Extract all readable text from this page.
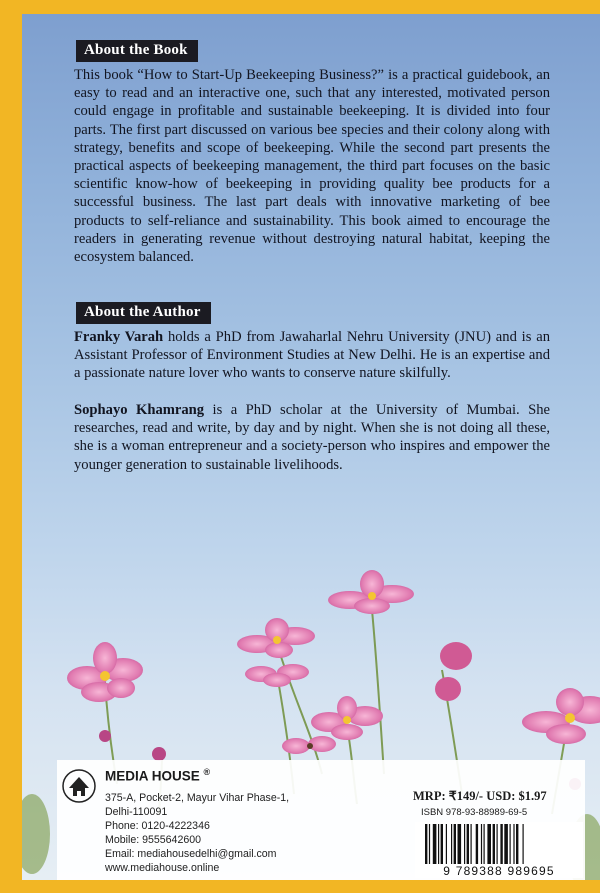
About the Book

This book “How to Start-Up Beekeeping Business?” is a practical guidebook, an easy to read and an interactive one, such that any interested, motivated person could engage in profitable and sustainable beekeeping. It is divided into four parts. The first part discussed on various bee species and their colony along with strategy, benefits and scope of beekeeping. While the second part presents the practical aspects of beekeeping management, the third part focuses on the basic scientific know-how of beekeeping in providing quality bee products for a successful business. The last part deals with innovative marketing of bee products to self-reliance and sustainability. This book aimed to encourage the readers in generating revenue without destroying natural habitat, keeping the ecosystem balanced.

About the Author

Franky Varah holds a PhD from Jawaharlal Nehru University (JNU) and is an Assistant Professor of Environment Studies at New Delhi. He is an expertise and a passionate nature lover who wants to conserve nature skilfully.

Sophayo Khamrang is a PhD scholar at the University of Mumbai. She researches, read and write, by day and by night. When she is not doing all these, she is a woman entrepreneur and a society-person who inspires and empower the younger generation to sustainable livelihoods.

MEDIA HOUSE ®
375-A, Pocket-2, Mayur Vihar Phase-1,
Delhi-110091
Phone: 0120-4222346
Mobile: 9555642600
Email: mediahousedelhi@gmail.com
www.mediahouse.online
MRP: ₹149/- USD: $1.97
ISBN 978-93-88989-69-5
9 789388 989695
